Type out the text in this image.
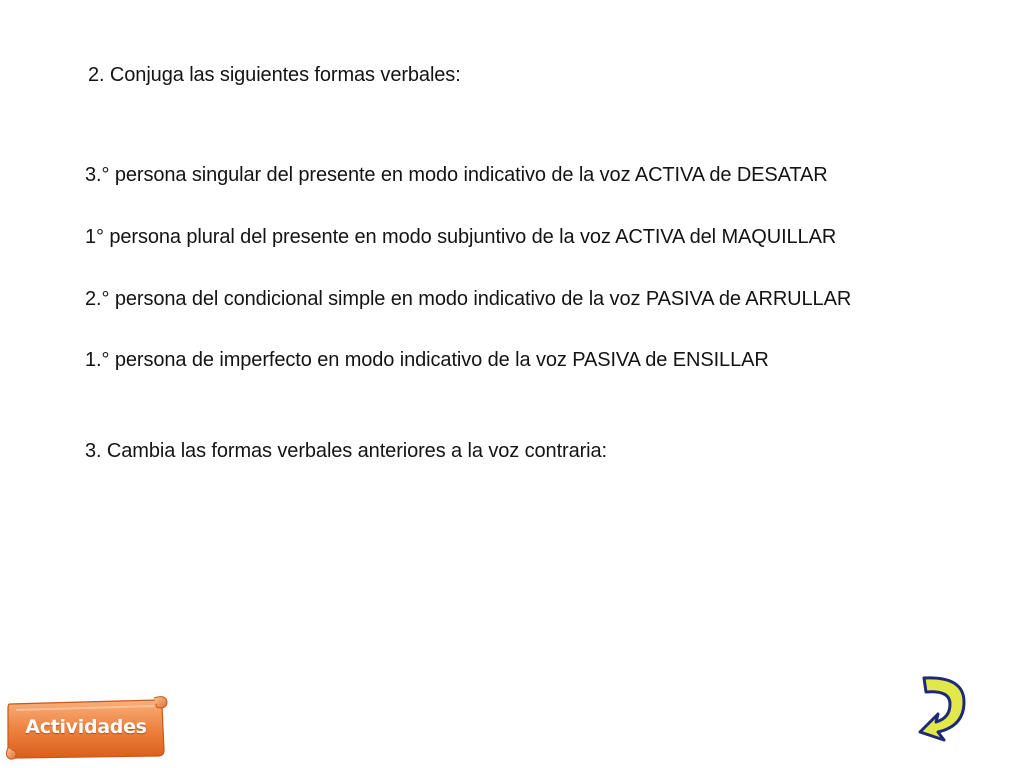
2. Conjuga las siguientes formas verbales:
3.° persona singular del presente en modo indicativo de la voz ACTIVA de DESATAR
1° persona plural del presente en modo subjuntivo de la voz ACTIVA del MAQUILLAR
2.° persona del condicional simple en modo indicativo de la voz PASIVA de ARRULLAR
1.° persona de imperfecto en modo indicativo de la voz PASIVA de ENSILLAR
3. Cambia las formas verbales anteriores a la voz contraria:
Actividades
